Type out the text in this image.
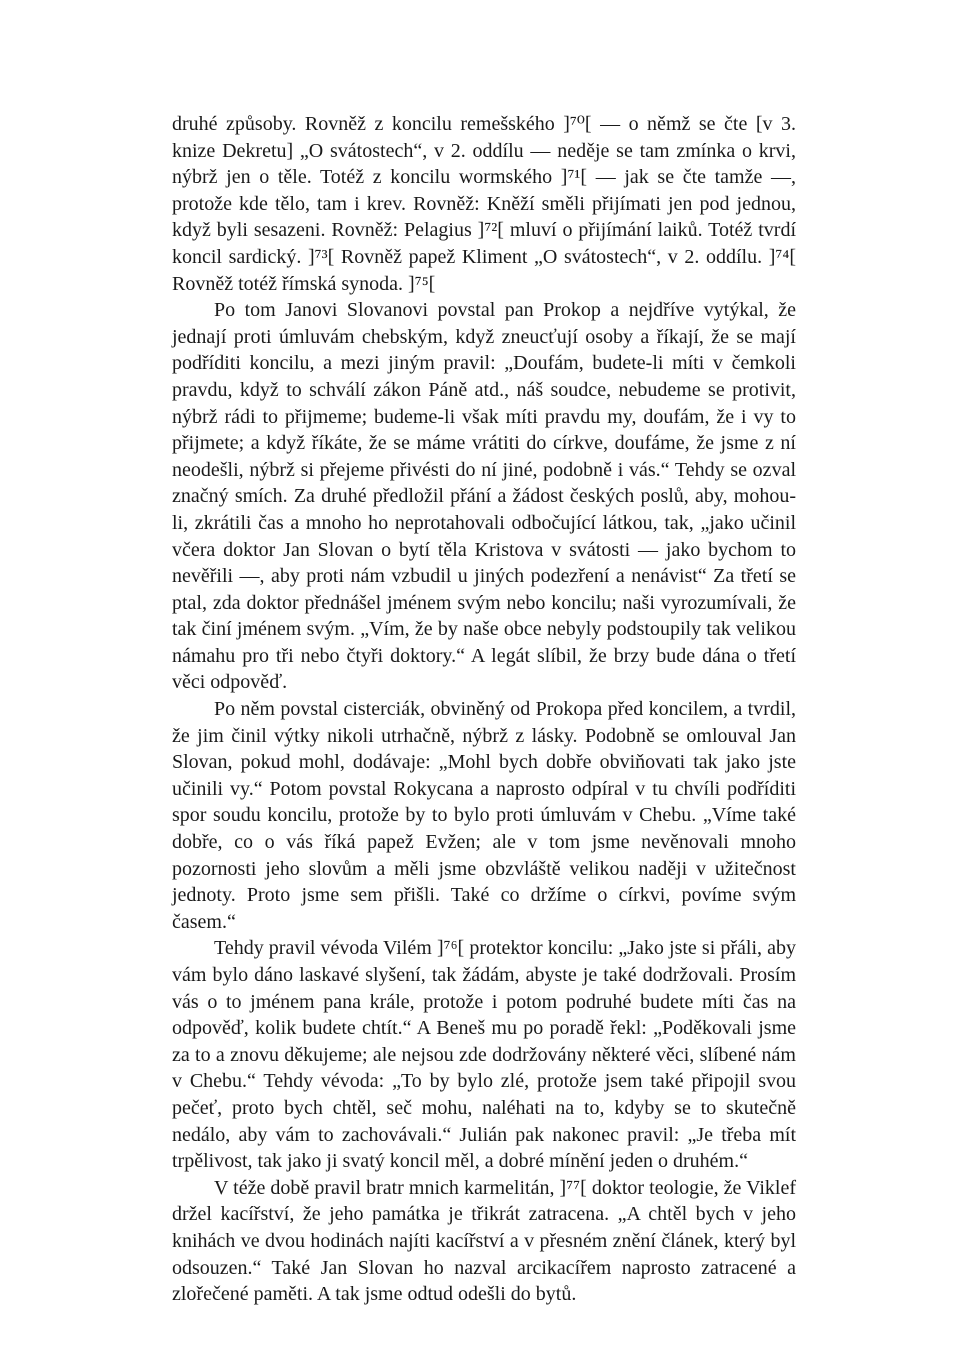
druhé způsoby. Rovněž z koncilu remešského ]⁷⁰[ — o němž se čte [v 3. knize Dekretu] „O svátostech“, v 2. oddílu — neděje se tam zmínka o krvi, nýbrž jen o těle. Totéž z koncilu wormského ]⁷¹[ — jak se čte tamže —, protože kde tělo, tam i krev. Rovněž: Kněží směli přijímati jen pod jednou, když byli sesazeni. Rovněž: Pelagius ]⁷²[ mluví o přijímání laiků. Totéž tvrdí koncil sardický. ]⁷³[ Rovněž papež Kliment „O svátostech“, v 2. oddílu. ]⁷⁴[ Rovněž totéž římská synoda. ]⁷⁵[

Po tom Janovi Slovanovi povstal pan Prokop a nejdříve vytýkal, že jednají proti úmluvám chebským, když zneucťují osoby a říkají, že se mají podříditi koncilu, a mezi jiným pravil: „Doufám, budete-li míti v čemkoli pravdu, když to schválí zákon Páně atd., náš soudce, nebudeme se protivit, nýbrž rádi to přijmeme; budeme-li však míti pravdu my, doufám, že i vy to přijmete; a když říkáte, že se máme vrátiti do církve, doufáme, že jsme z ní neodešli, nýbrž si přejeme přivésti do ní jiné, podobně i vás.“ Tehdy se ozval značný smích. Za druhé předložil přání a žádost českých poslů, aby, mohou-li, zkrátili čas a mnoho ho neprotahovali odbočující látkou, tak, „jako učinil včera doktor Jan Slovan o bytí těla Kristova v svátosti — jako bychom to nevěřili —, aby proti nám vzbudil u jiných podezření a nenávist“ Za třetí se ptal, zda doktor přednášel jménem svým nebo koncilu; naši vyrozumívali, že tak činí jménem svým. „Vím, že by naše obce nebyly podstoupily tak velikou námahu pro tři nebo čtyři doktory.“ A legát slíbil, že brzy bude dána o třetí věci odpověď.

Po něm povstal cisterciák, obviněný od Prokopa před koncilem, a tvrdil, že jim činil výtky nikoli utrhačně, nýbrž z lásky. Podobně se omlouval Jan Slovan, pokud mohl, dodávaje: „Mohl bych dobře obviňovati tak jako jste učinili vy.“ Potom povstal Rokycana a naprosto odpíral v tu chvíli podříditi spor soudu koncilu, protože by to bylo proti úmluvám v Chebu. „Víme také dobře, co o vás říká papež Evžen; ale v tom jsme nevěnovali mnoho pozornosti jeho slovům a měli jsme obzvláště velikou naději v užitečnost jednoty. Proto jsme sem přišli. Také co držíme o církvi, povíme svým časem.“

Tehdy pravil vévoda Vilém ]⁷⁶[ protektor koncilu: „Jako jste si přáli, aby vám bylo dáno laskavé slyšení, tak žádám, abyste je také dodržovali. Prosím vás o to jménem pana krále, protože i potom podruhé budete míti čas na odpověď, kolik budete chtít.“ A Beneš mu po poradě řekl: „Poděkovali jsme za to a znovu děkujeme; ale nejsou zde dodržovány některé věci, slíbené nám v Chebu.“ Tehdy vévoda: „To by bylo zlé, protože jsem také připojil svou pečeť, proto bych chtěl, seč mohu, naléhati na to, kdyby se to skutečně nedálo, aby vám to zachovávali.“ Julián pak nakonec pravil: „Je třeba mít trpělivost, tak jako ji svatý koncil měl, a dobré mínění jeden o druhém.“

V téže době pravil bratr mnich karmelitán, ]⁷⁷[ doktor teologie, že Viklef držel kacířství, že jeho památka je třikrát zatracena. „A chtěl bych v jeho knihách ve dvou hodinách najíti kacířství a v přesném znění článek, který byl odsouzen.“ Také Jan Slovan ho nazval arcikacířem naprosto zatracené a zlořečené paměti. A tak jsme odtud odešli do bytů.
